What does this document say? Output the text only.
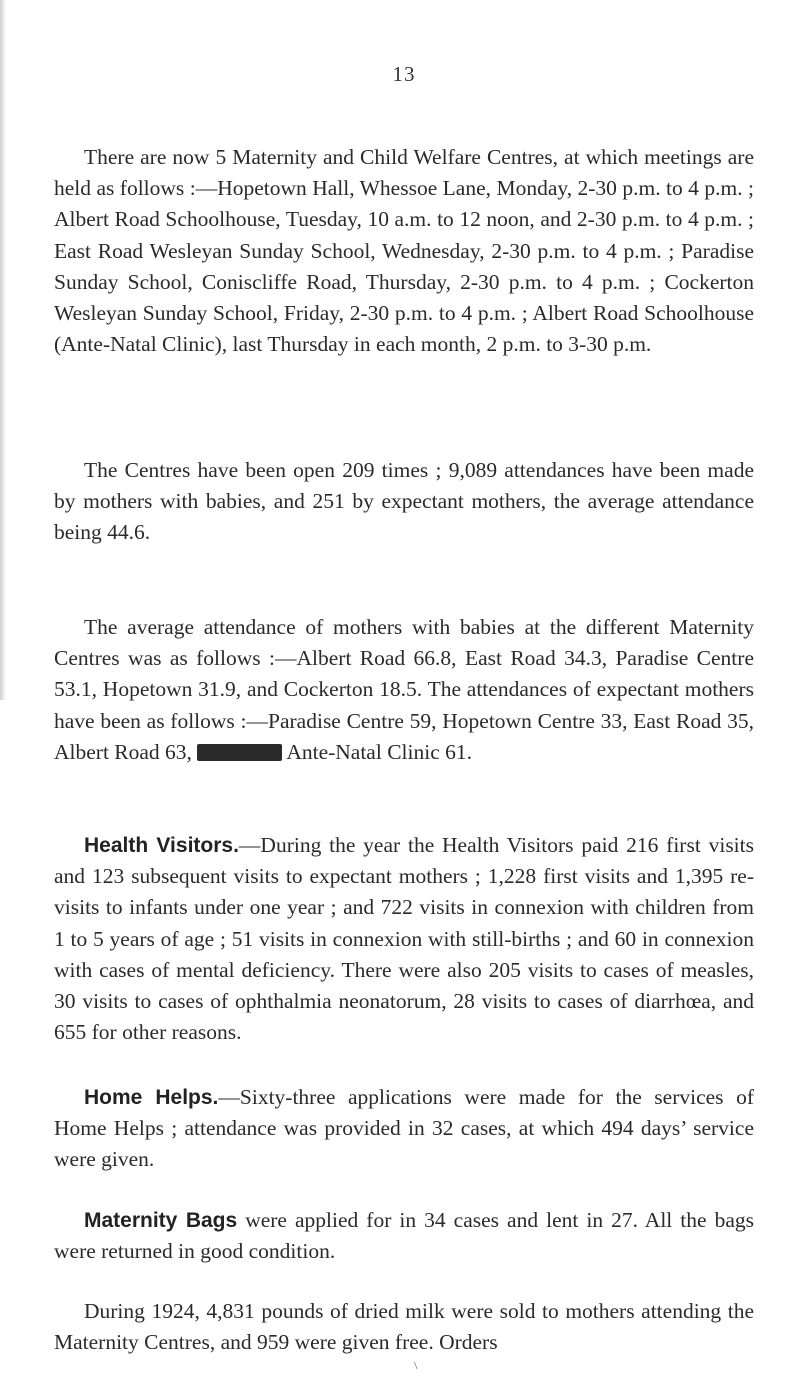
13

There are now 5 Maternity and Child Welfare Centres, at which meetings are held as follows :—Hopetown Hall, Whessoe Lane, Monday, 2-30 p.m. to 4 p.m. ; Albert Road Schoolhouse, Tuesday, 10 a.m. to 12 noon, and 2-30 p.m. to 4 p.m. ; East Road Wesleyan Sunday School, Wednesday, 2-30 p.m. to 4 p.m. ; Paradise Sunday School, Coniscliffe Road, Thursday, 2-30 p.m. to 4 p.m. ; Cockerton Wesleyan Sunday School, Friday, 2-30 p.m. to 4 p.m. ; Albert Road Schoolhouse (Ante-Natal Clinic), last Thursday in each month, 2 p.m. to 3-30 p.m.

The Centres have been open 209 times ; 9,089 attendances have been made by mothers with babies, and 251 by expectant mothers, the average attendance being 44.6.

The average attendance of mothers with babies at the different Maternity Centres was as follows :—Albert Road 66.8, East Road 34.3, Paradise Centre 53.1, Hopetown 31.9, and Cockerton 18.5. The attendances of expectant mothers have been as follows :—Paradise Centre 59, Hopetown Centre 33, East Road 35, Albert Road 63,	Ante-Natal Clinic 61.

Health Visitors.—During the year the Health Visitors paid 216 first visits and 123 subsequent visits to expectant mothers ; 1,228 first visits and 1,395 re-visits to infants under one year ; and 722 visits in connexion with children from 1 to 5 years of age ; 51 visits in connexion with still-births ; and 60 in connexion with cases of mental deficiency. There were also 205 visits to cases of measles, 30 visits to cases of ophthalmia neonatorum, 28 visits to cases of diarrhœa, and 655 for other reasons.

Home Helps.—Sixty-three applications were made for the services of Home Helps ; attendance was provided in 32 cases, at which 494 days’ service were given.

Maternity Bags were applied for in 34 cases and lent in 27. All the bags were returned in good condition.

During 1924, 4,831 pounds of dried milk were sold to mothers attending the Maternity Centres, and 959 were given free. Orders

\
